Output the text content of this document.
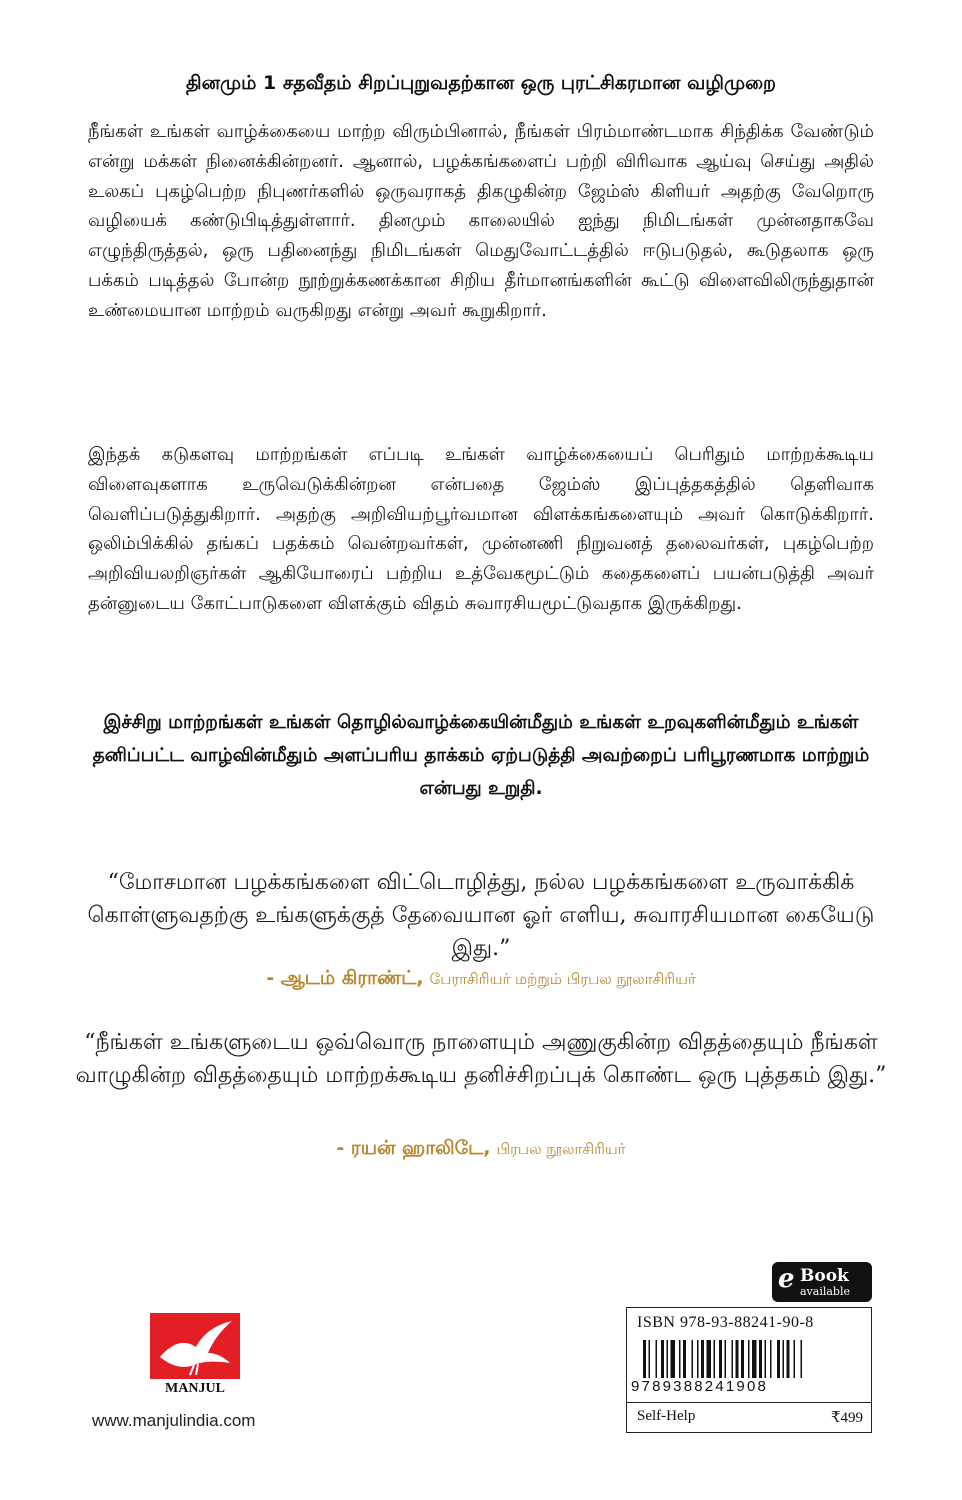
தினமும் 1 சதவீதம் சிறப்புறுவதற்கான ஒரு புரட்சிகரமான வழிமுறை
நீங்கள் உங்கள் வாழ்க்கையை மாற்ற விரும்பினால், நீங்கள் பிரம்மாண்டமாக சிந்திக்க வேண்டும் என்று மக்கள் நினைக்கின்றனர். ஆனால், பழக்கங்களைப் பற்றி விரிவாக ஆய்வு செய்து அதில் உலகப் புகழ்பெற்ற நிபுணர்களில் ஒருவராகத் திகழுகின்ற ஜேம்ஸ் கிளியர் அதற்கு வேறொரு வழியைக் கண்டுபிடித்துள்ளார். தினமும் காலையில் ஐந்து நிமிடங்கள் முன்னதாகவே எழுந்திருத்தல், ஒரு பதினைந்து நிமிடங்கள் மெதுவோட்டத்தில் ஈடுபடுதல், கூடுதலாக ஒரு பக்கம் படித்தல் போன்ற நூற்றுக்கணக்கான சிறிய தீர்மானங்களின் கூட்டு விளைவிலிருந்துதான் உண்மையான மாற்றம் வருகிறது என்று அவர் கூறுகிறார்.
இந்தக் கடுகளவு மாற்றங்கள் எப்படி உங்கள் வாழ்க்கையைப் பெரிதும் மாற்றக்கூடிய விளைவுகளாக உருவெடுக்கின்றன என்பதை ஜேம்ஸ் இப்புத்தகத்தில் தெளிவாக வெளிப்படுத்துகிறார். அதற்கு அறிவியற்பூர்வமான விளக்கங்களையும் அவர் கொடுக்கிறார். ஒலிம்பிக்கில் தங்கப் பதக்கம் வென்றவர்கள், முன்னணி நிறுவனத் தலைவர்கள், புகழ்பெற்ற அறிவியலறிஞர்கள் ஆகியோரைப் பற்றிய உத்வேகமூட்டும் கதைகளைப் பயன்படுத்தி அவர் தன்னுடைய கோட்பாடுகளை விளக்கும் விதம் சுவாரசியமூட்டுவதாக இருக்கிறது.
இச்சிறு மாற்றங்கள் உங்கள் தொழில்வாழ்க்கையின்மீதும் உங்கள் உறவுகளின்மீதும் உங்கள் தனிப்பட்ட வாழ்வின்மீதும் அளப்பரிய தாக்கம் ஏற்படுத்தி அவற்றைப் பரிபூரணமாக மாற்றும் என்பது உறுதி.
“மோசமான பழக்கங்களை விட்டொழித்து, நல்ல பழக்கங்களை உருவாக்கிக் கொள்ளுவதற்கு உங்களுக்குத் தேவையான ஓர் எளிய, சுவாரசியமான கையேடு இது.”
- ஆடம் கிராண்ட், பேராசிரியர் மற்றும் பிரபல நூலாசிரியர்
“நீங்கள் உங்களுடைய ஒவ்வொரு நாளையும் அணுகுகின்ற விதத்தையும் நீங்கள் வாழுகின்ற விதத்தையும் மாற்றக்கூடிய தனிச்சிறப்புக் கொண்ட ஒரு புத்தகம் இது.”
- ரயன் ஹாலிடே, பிரபல நூலாசிரியர்
e Book
available
ISBN 978-93-88241-90-8
9789388241908
Self-Help	₹499
MANJUL
www.manjulindia.com
